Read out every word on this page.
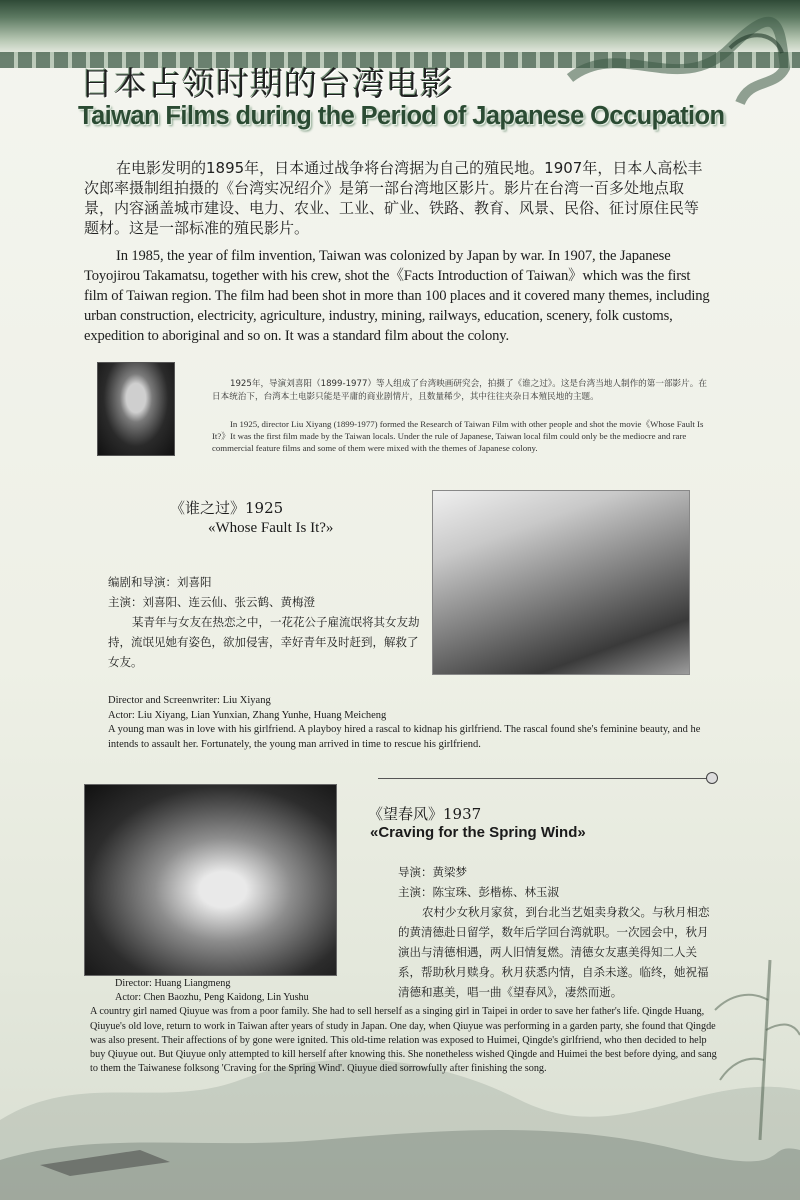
日本占领时期的台湾电影
Taiwan Films during the Period of Japanese Occupation
在电影发明的1895年，日本通过战争将台湾据为自己的殖民地。1907年，日本人高松丰次郎率摄制组拍摄的《台湾实况绍介》是第一部台湾地区影片。影片在台湾一百多处地点取景，内容涵盖城市建设、电力、农业、工业、矿业、铁路、教育、风景、民俗、征讨原住民等题材。这是一部标准的殖民影片。
In 1985, the year of film invention, Taiwan was colonized by Japan by war. In 1907, the Japanese Toyojirou Takamatsu, together with his crew, shot the《Facts Introduction of Taiwan》which was the first film of Taiwan region. The film had been shot in more than 100 places and it covered many themes, including urban construction, electricity, agriculture, industry, mining, railways, education, scenery, folk customs, expedition to aboriginal and so on. It was a standard film about the colony.
1925年，导演刘喜阳（1899-1977）等人组成了台湾映画研究会，拍摄了《谁之过》。这是台湾当地人制作的第一部影片。在日本统治下，台湾本土电影只能是平庸的商业剧情片，且数量稀少，其中往往夹杂日本殖民地的主题。
In 1925, director Liu Xiyang (1899-1977) formed the Research of Taiwan Film with other people and shot the movie《Whose Fault Is It?》It was the first film made by the Taiwan locals. Under the rule of Japanese, Taiwan local film could only be the mediocre and rare commercial feature films and some of them were mixed with the themes of Japanese colony.
《谁之过》1925
«Whose Fault Is It?»
编剧和导演：刘喜阳
主演：刘喜阳、连云仙、张云鹤、黄梅澄
某青年与女友在热恋之中，一花花公子雇流氓将其女友劫持，流氓见她有姿色，欲加侵害，幸好青年及时赶到，解救了女友。
Director and Screenwriter: Liu Xiyang
Actor: Liu Xiyang, Lian Yunxian, Zhang Yunhe, Huang Meicheng
A young man was in love with his girlfriend. A playboy hired a rascal to kidnap his girlfriend. The rascal found she's feminine beauty, and he intends to assault her. Fortunately, the young man arrived in time to rescue his girlfriend.
《望春风》1937
«Craving for the Spring Wind»
导演：黄梁梦
主演：陈宝珠、彭楷栋、林玉淑
农村少女秋月家贫，到台北当艺姐卖身救父。与秋月相恋的黄清德赴日留学，数年后学回台湾就职。一次园会中，秋月演出与清德相遇，两人旧情复燃。清德女友惠美得知二人关系，帮助秋月赎身。秋月获悉内情，自杀未遂。临终，她祝福清德和惠美，唱一曲《望春风》，凄然而逝。
Director: Huang Liangmeng
Actor: Chen Baozhu, Peng Kaidong, Lin Yushu
A country girl named Qiuyue was from a poor family. She had to sell herself as a singing girl in Taipei in order to save her father's life. Qingde Huang, Qiuyue's old love, return to work in Taiwan after years of study in Japan. One day, when Qiuyue was performing in a garden party, she found that Qingde was also present. Their affections of by gone were ignited. This old-time relation was exposed to Huimei, Qingde's girlfriend, who then decided to help buy Qiuyue out. But Qiuyue only attempted to kill herself after knowing this. She nonetheless wished Qingde and Huimei the best before dying, and sang to them the Taiwanese folksong 'Craving for the Spring Wind'. Qiuyue died sorrowfully after finishing the song.
